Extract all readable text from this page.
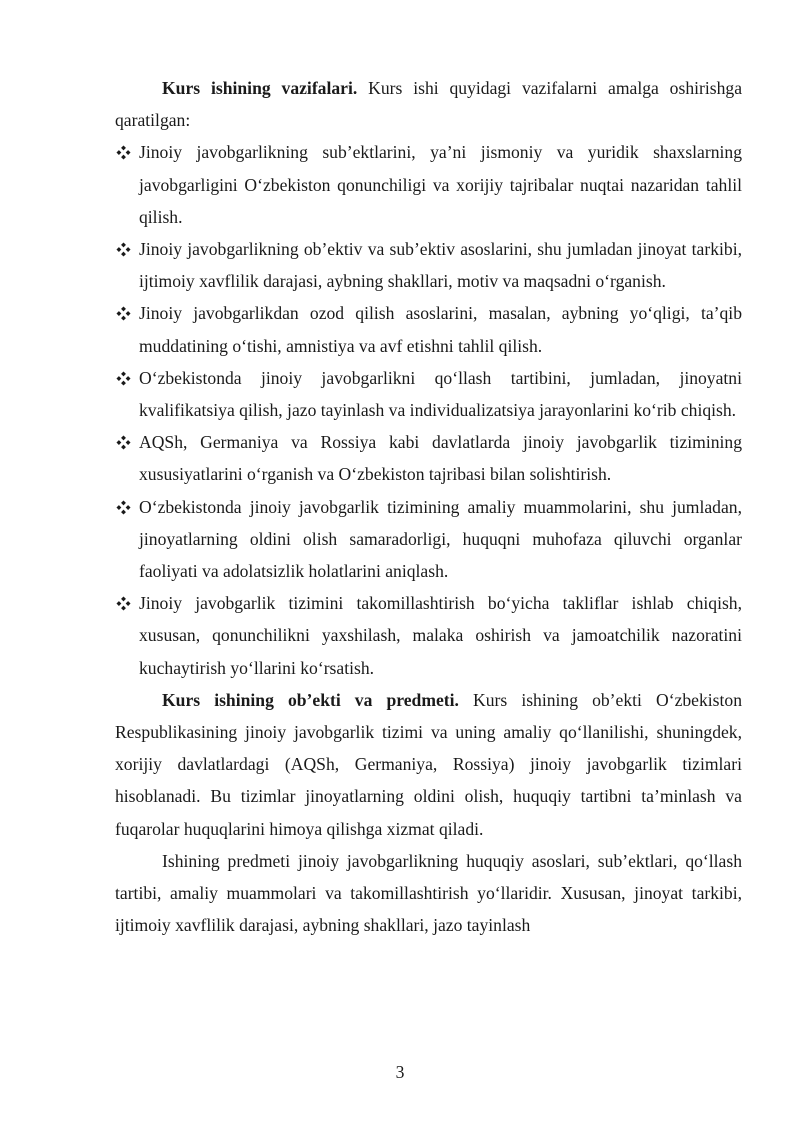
Kurs ishining vazifalari. Kurs ishi quyidagi vazifalarni amalga oshirishga qaratilgan:

Jinoiy javobgarlikning sub’ektlarini, ya’ni jismoniy va yuridik shaxslarning javobgarligini O‘zbekiston qonunchiligi va xorijiy tajribalar nuqtai nazaridan tahlil qilish.
Jinoiy javobgarlikning ob’ektiv va sub’ektiv asoslarini, shu jumladan jinoyat tarkibi, ijtimoiy xavflilik darajasi, aybning shakllari, motiv va maqsadni o‘rganish.
Jinoiy javobgarlikdan ozod qilish asoslarini, masalan, aybning yo‘qligi, ta’qib muddatining o‘tishi, amnistiya va avf etishni tahlil qilish.
O‘zbekistonda jinoiy javobgarlikni qo‘llash tartibini, jumladan, jinoyatni kvalifikatsiya qilish, jazo tayinlash va individualizatsiya jarayonlarini ko‘rib chiqish.
AQSh, Germaniya va Rossiya kabi davlatlarda jinoiy javobgarlik tizimining xususiyatlarini o‘rganish va O‘zbekiston tajribasi bilan solishtirish.
O‘zbekistonda jinoiy javobgarlik tizimining amaliy muammolarini, shu jumladan, jinoyatlarning oldini olish samaradorligi, huquqni muhofaza qiluvchi organlar faoliyati va adolatsizlik holatlarini aniqlash.
Jinoiy javobgarlik tizimini takomillashtirish bo‘yicha takliflar ishlab chiqish, xususan, qonunchilikni yaxshilash, malaka oshirish va jamoatchilik nazoratini kuchaytirish yo‘llarini ko‘rsatish.

Kurs ishining ob’ekti va predmeti. Kurs ishining ob’ekti O‘zbekiston Respublikasining jinoiy javobgarlik tizimi va uning amaliy qo‘llanilishi, shuningdek, xorijiy davlatlardagi (AQSh, Germaniya, Rossiya) jinoiy javobgarlik tizimlari hisoblanadi. Bu tizimlar jinoyatlarning oldini olish, huquqiy tartibni ta’minlash va fuqarolar huquqlarini himoya qilishga xizmat qiladi.

Ishining predmeti jinoiy javobgarlikning huquqiy asoslari, sub’ektlari, qo‘llash tartibi, amaliy muammolari va takomillashtirish yo‘llaridir. Xususan, jinoyat tarkibi, ijtimoiy xavflilik darajasi, aybning shakllari, jazo tayinlash

3
